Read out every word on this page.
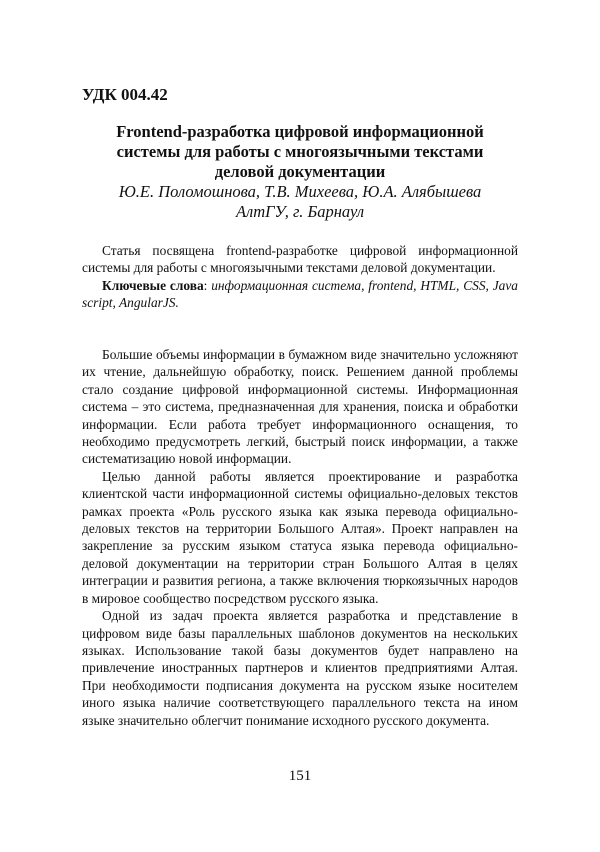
УДК 004.42
Frontend-разработка цифровой информационной системы для работы с многоязычными текстами деловой документации
Ю.Е. Поломошнова, Т.В. Михеева, Ю.А. Алябышева
АлтГУ, г. Барнаул

Статья посвящена frontend-разработке цифровой информационной системы для работы с многоязычными текстами деловой документации.

Ключевые слова: информационная система, frontend, HTML, CSS, Java script, AngularJS.

Большие объемы информации в бумажном виде значительно усложняют их чтение, дальнейшую обработку, поиск. Решением данной проблемы стало создание цифровой информационной системы. Информационная система – это система, предназначенная для хранения, поиска и обработки информации. Если работа требует информационного оснащения, то необходимо предусмотреть легкий, быстрый поиск информации, а также систематизацию новой информации.

Целью данной работы является проектирование и разработка клиентской части информационной системы официально-деловых текстов рамках проекта «Роль русского языка как языка перевода официально-деловых текстов на территории Большого Алтая». Проект направлен на закрепление за русским языком статуса языка перевода официально-деловой документации на территории стран Большого Алтая в целях интеграции и развития региона, а также включения тюркоязычных народов в мировое сообщество посредством русского языка.

Одной из задач проекта является разработка и представление в цифровом виде базы параллельных шаблонов документов на нескольких языках. Использование такой базы документов будет направлено на привлечение иностранных партнеров и клиентов предприятиями Алтая. При необходимости подписания документа на русском языке носителем иного языка наличие соответствующего параллельного текста на ином языке значительно облегчит понимание исходного русского документа.

151
